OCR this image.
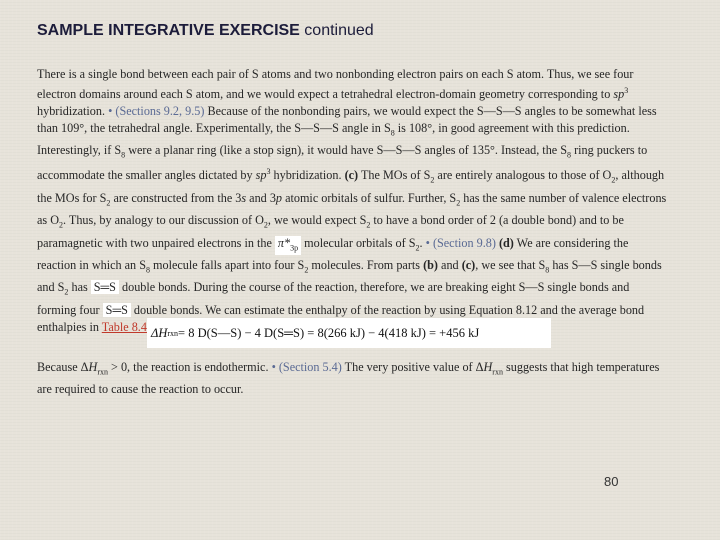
SAMPLE INTEGRATIVE EXERCISE continued
There is a single bond between each pair of S atoms and two nonbonding electron pairs on each S atom. Thus, we see four electron domains around each S atom, and we would expect a tetrahedral electron-domain geometry corresponding to $sp^3$ hybridization. • (Sections 9.2, 9.5) Because of the nonbonding pairs, we would expect the S—S—S angles to be somewhat less than 109°, the tetrahedral angle. Experimentally, the S—S—S angle in $S_8$ is 108°, in good agreement with this prediction. Interestingly, if $S_8$ were a planar ring (like a stop sign), it would have S—S—S angles of 135°. Instead, the $S_8$ ring puckers to accommodate the smaller angles dictated by $sp^3$ hybridization. (c) The MOs of $S_2$ are entirely analogous to those of $O_2$, although the MOs for $S_2$ are constructed from the 3s and 3p atomic orbitals of sulfur. Further, $S_2$ has the same number of valence electrons as $O_2$. Thus, by analogy to our discussion of $O_2$, we would expect $S_2$ to have a bond order of 2 (a double bond) and to be paramagnetic with two unpaired electrons in the $\pi*_{3p}$ molecular orbitals of $S_2$. • (Section 9.8) (d) We are considering the reaction in which an $S_8$ molecule falls apart into four $S_2$ molecules. From parts (b) and (c), we see that $S_8$ has S—S single bonds and $S_2$ has S═S double bonds. During the course of the reaction, therefore, we are breaking eight S—S single bonds and forming four S═S double bonds. We can estimate the enthalpy of the reaction by using Equation 8.12 and the average bond enthalpies in Table 8.4 ΔH rxn = 8 D(S—S) − 4 D(S═S) = 8(266 kJ) − 4(418 kJ) = +456 kJ
Because $\Delta H_{rxn} > 0$, the reaction is endothermic. • (Section 5.4) The very positive value of $\Delta H_{rxn}$ suggests that high temperatures are required to cause the reaction to occur.
80
